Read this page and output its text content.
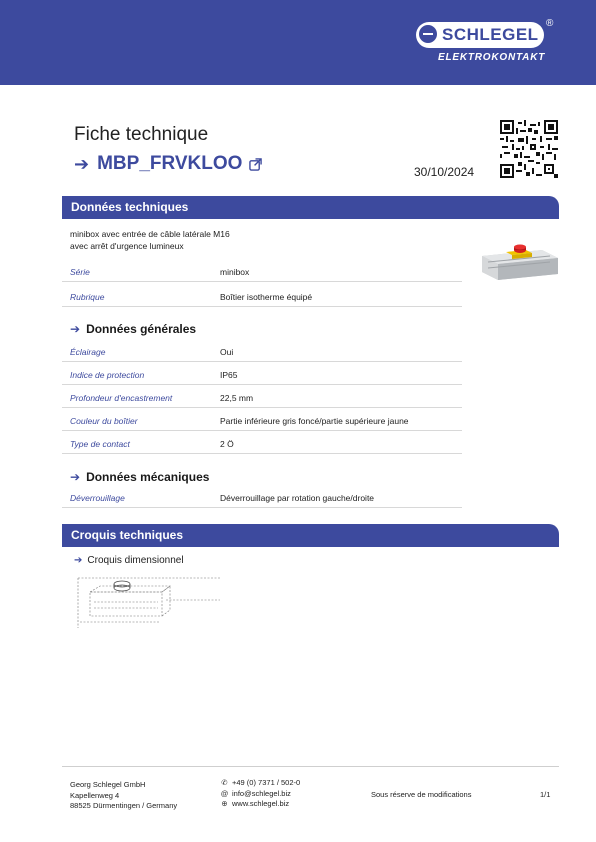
SCHLEGEL
®
ELEKTROKONTAKT
Fiche technique
➔ MBP_FRVKLOO	30/10/2024
Données techniques
minibox avec entrée de câble latérale M16
avec arrêt d'urgence lumineux
Série	minibox
Rubrique	Boîtier isotherme équipé
➔ Données générales
Éclairage	Oui
Indice de protection	IP65
Profondeur d'encastrement	22,5 mm
Couleur du boîtier	Partie inférieure gris foncé/partie supérieure jaune
Type de contact	2 Ö
➔ Données mécaniques
Déverrouillage	Déverrouillage par rotation gauche/droite
Croquis techniques
➔ Croquis dimensionnel
Georg Schlegel GmbH
Kapellenweg 4
88525 Dürmentingen / Germany
✆ +49 (0) 7371 / 502-0
@ info@schlegel.biz
⊕ www.schlegel.biz
Sous réserve de modifications	1/1
